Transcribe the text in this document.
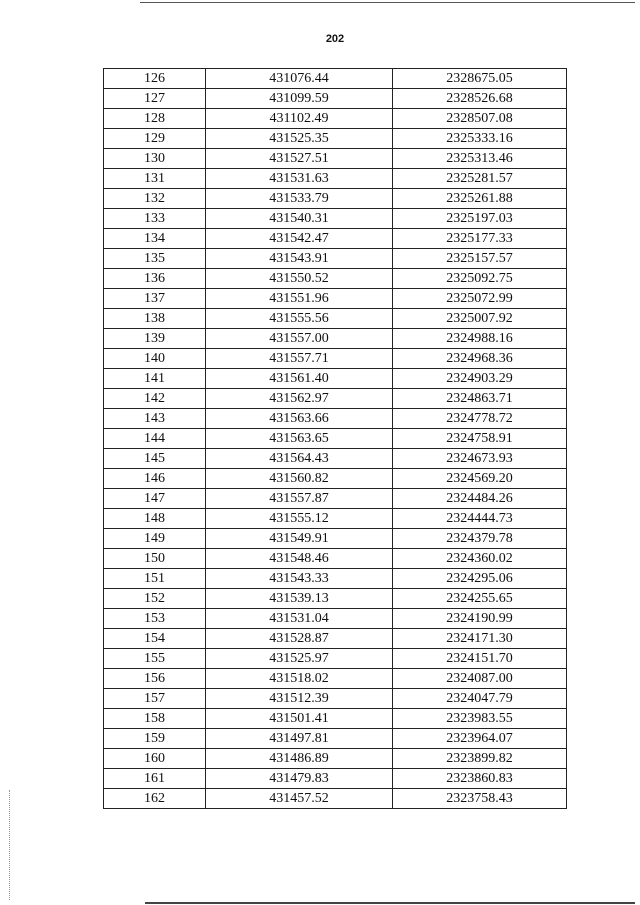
202
126	431076.44	2328675.05
127	431099.59	2328526.68
128	431102.49	2328507.08
129	431525.35	2325333.16
130	431527.51	2325313.46
131	431531.63	2325281.57
132	431533.79	2325261.88
133	431540.31	2325197.03
134	431542.47	2325177.33
135	431543.91	2325157.57
136	431550.52	2325092.75
137	431551.96	2325072.99
138	431555.56	2325007.92
139	431557.00	2324988.16
140	431557.71	2324968.36
141	431561.40	2324903.29
142	431562.97	2324863.71
143	431563.66	2324778.72
144	431563.65	2324758.91
145	431564.43	2324673.93
146	431560.82	2324569.20
147	431557.87	2324484.26
148	431555.12	2324444.73
149	431549.91	2324379.78
150	431548.46	2324360.02
151	431543.33	2324295.06
152	431539.13	2324255.65
153	431531.04	2324190.99
154	431528.87	2324171.30
155	431525.97	2324151.70
156	431518.02	2324087.00
157	431512.39	2324047.79
158	431501.41	2323983.55
159	431497.81	2323964.07
160	431486.89	2323899.82
161	431479.83	2323860.83
162	431457.52	2323758.43
